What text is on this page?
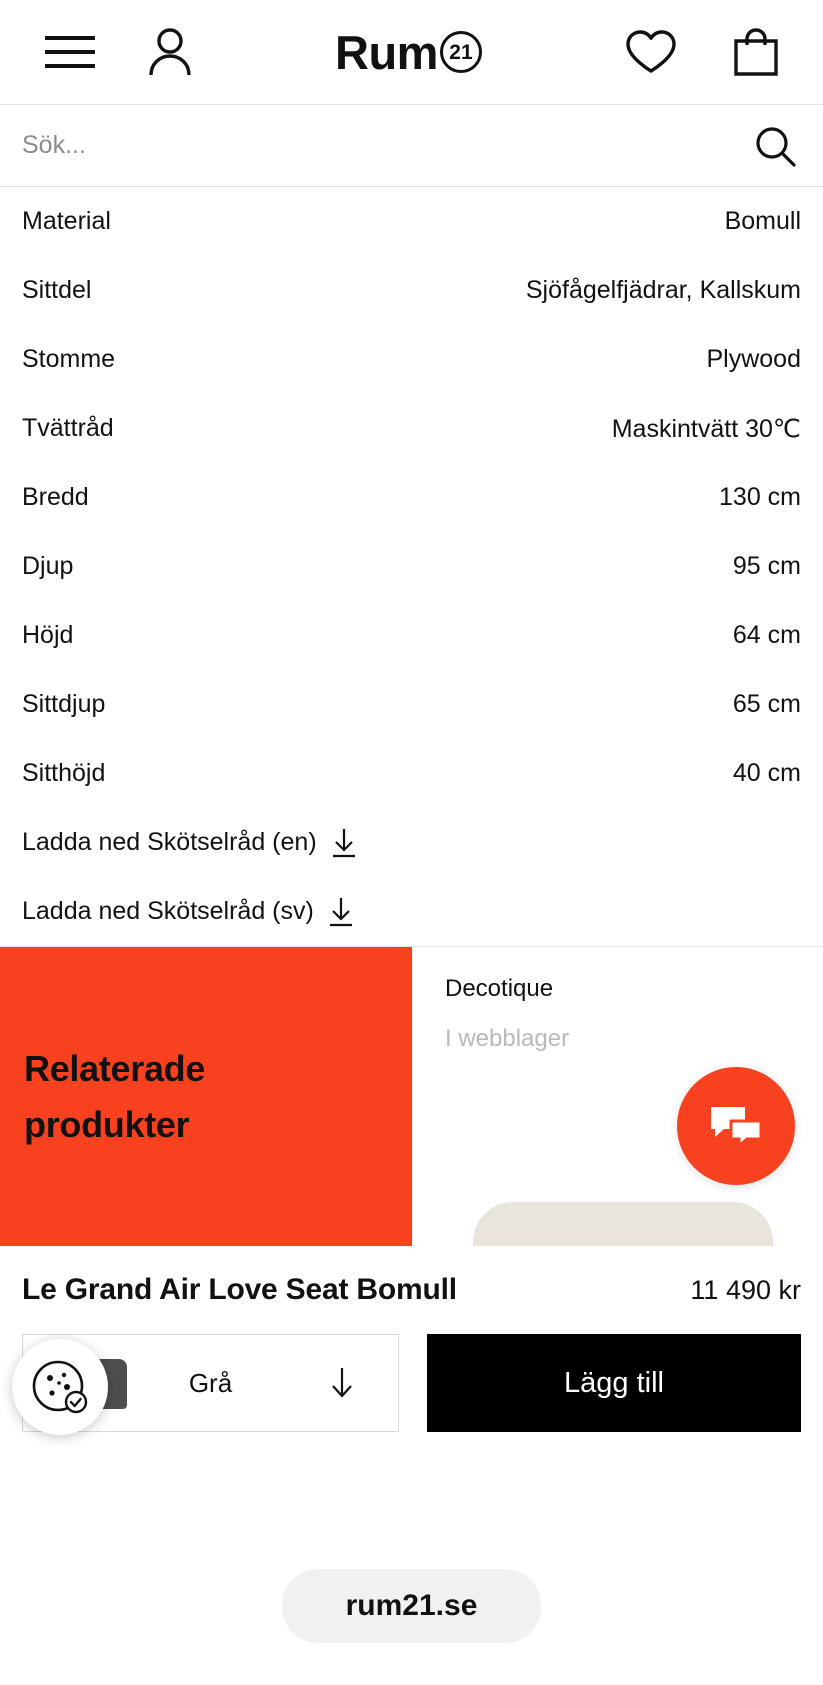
Rum 21
Sök...
Material	Bomull
Sittdel	Sjöfågelfjädrar, Kallskum
Stomme	Plywood
Tvättråd	Maskintvätt 30℃
Bredd	130 cm
Djup	95 cm
Höjd	64 cm
Sittdjup	65 cm
Sitthöjd	40 cm
Ladda ned Skötselråd (en)
Ladda ned Skötselråd (sv)
Relaterade
produkter
Decotique
I webblager
Le Grand Air Love Seat Bomull	11 490 kr
Grå	Lägg till
rum21.se
